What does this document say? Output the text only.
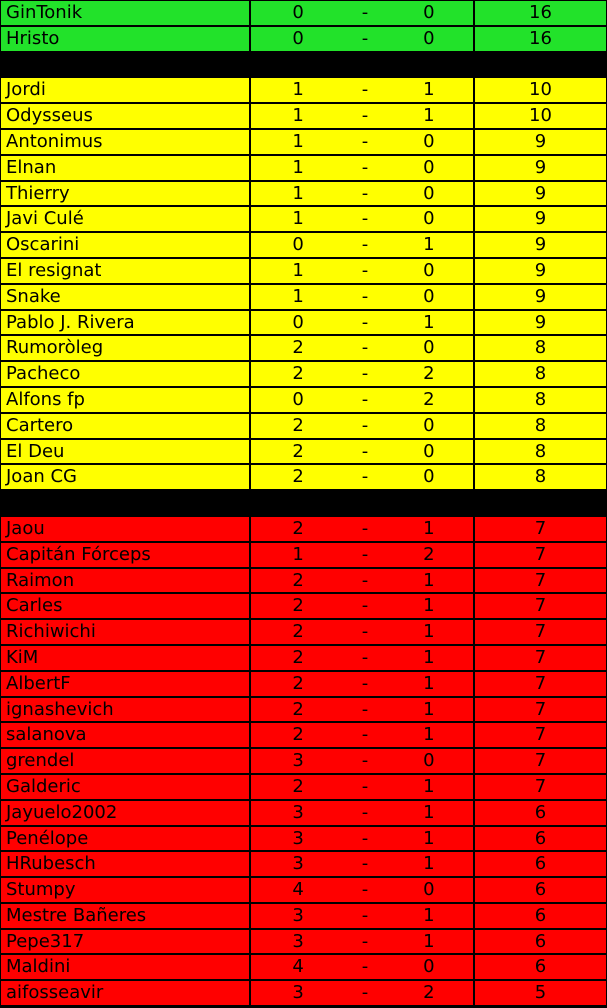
GinTonik	0	-	0	16
Hristo	0	-	0	16
Jordi	1	-	1	10
Odysseus	1	-	1	10
Antonimus	1	-	0	9
Elnan	1	-	0	9
Thierry	1	-	0	9
Javi Culé	1	-	0	9
Oscarini	0	-	1	9
El resignat	1	-	0	9
Snake	1	-	0	9
Pablo J. Rivera	0	-	1	9
Rumoròleg	2	-	0	8
Pacheco	2	-	2	8
Alfons fp	0	-	2	8
Cartero	2	-	0	8
El Deu	2	-	0	8
Joan CG	2	-	0	8
Jaou	2	-	1	7
Capitán Fórceps	1	-	2	7
Raimon	2	-	1	7
Carles	2	-	1	7
Richiwichi	2	-	1	7
KiM	2	-	1	7
AlbertF	2	-	1	7
ignashevich	2	-	1	7
salanova	2	-	1	7
grendel	3	-	0	7
Galderic	2	-	1	7
Jayuelo2002	3	-	1	6
Penélope	3	-	1	6
HRubesch	3	-	1	6
Stumpy	4	-	0	6
Mestre Bañeres	3	-	1	6
Pepe317	3	-	1	6
Maldini	4	-	0	6
aifosseavir	3	-	2	5
